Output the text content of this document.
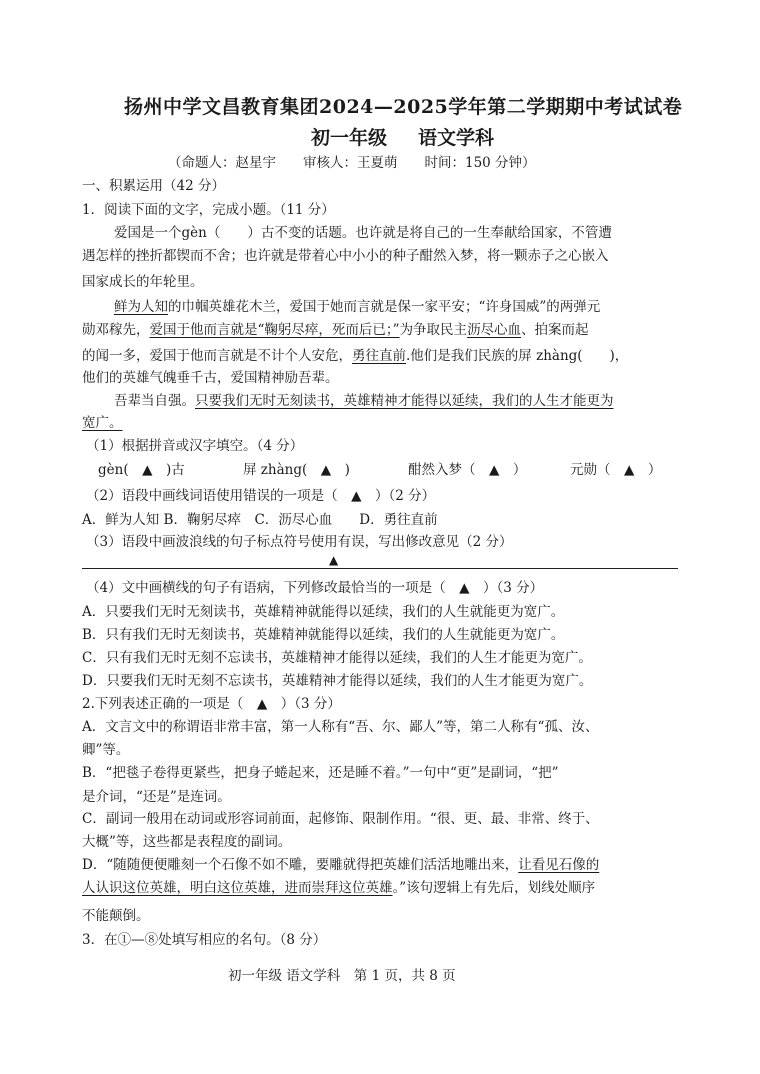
扬州中学文昌教育集团2024—2025学年第二学期期中考试试卷
初一年级 语文学科
（命题人：赵星宇　　审核人：王夏萌　　时间：150 分钟）
一、积累运用（42 分）
1．阅读下面的文字，完成小题。（11 分）
爱国是一个gèn（　　）古不变的话题。也许就是将自己的一生奉献给国家，不管遭
遇怎样的挫折都锲而不舍；也许就是带着心中小小的种子酣然入梦，将一颗赤子之心嵌入
国家成长的年轮里。
鲜为人知的巾帼英雄花木兰，爱国于她而言就是保一家平安；“许身国威”的两弹元
勋邓稼先，爱国于他而言就是“鞠躬尽瘁，死而后已；”为争取民主沥尽心血、拍案而起
的闻一多，爱国于他而言就是不计个人安危，勇往直前.他们是我们民族的屏 zhàng(　　)，
他们的英雄气魄垂千古，爱国精神励吾辈。
吾辈当自强。只要我们无时无刻读书，英雄精神才能得以延续，我们的人生才能更为
宽广。
（1）根据拼音或汉字填空。（4 分）
gèn(　▲　)古	屏 zhàng(　▲　)	酣然入梦（　▲　）	元勋（　▲　）
（2）语段中画线词语使用错误的一项是（　▲　）（2 分）
A．鲜为人知 B．鞠躬尽瘁　C．沥尽心血　　D．勇往直前
（3）语段中画波浪线的句子标点符号使用有误，写出修改意见（2 分）
▲
（4）文中画横线的句子有语病，下列修改最恰当的一项是（　▲　）（3 分）
A．只要我们无时无刻读书，英雄精神就能得以延续，我们的人生就能更为宽广。
B．只有我们无时无刻读书，英雄精神就能得以延续，我们的人生就能更为宽广。
C．只有我们无时无刻不忘读书，英雄精神才能得以延续，我们的人生才能更为宽广。
D．只要我们无时无刻不忘读书，英雄精神才能得以延续，我们的人生才能更为宽广。
2.下列表述正确的一项是（　▲　）（3 分）
A．文言文中的称谓语非常丰富，第一人称有“吾、尔、鄙人”等，第二人称有“孤、汝、
卿”等。
B．“把毯子卷得更紧些，把身子蜷起来，还是睡不着。”一句中“更”是副词，“把”
是介词，“还是”是连词。
C．副词一般用在动词或形容词前面，起修饰、限制作用。“很、更、最、非常、终于、
大概”等，这些都是表程度的副词。
D．“随随便便雕刻一个石像不如不雕，要雕就得把英雄们活活地雕出来，让看见石像的
人认识这位英雄，明白这位英雄，进而崇拜这位英雄。”该句逻辑上有先后，划线处顺序
不能颠倒。
3．在①—⑧处填写相应的名句。（8 分）
初一年级 语文学科　第 1 页，共 8 页
